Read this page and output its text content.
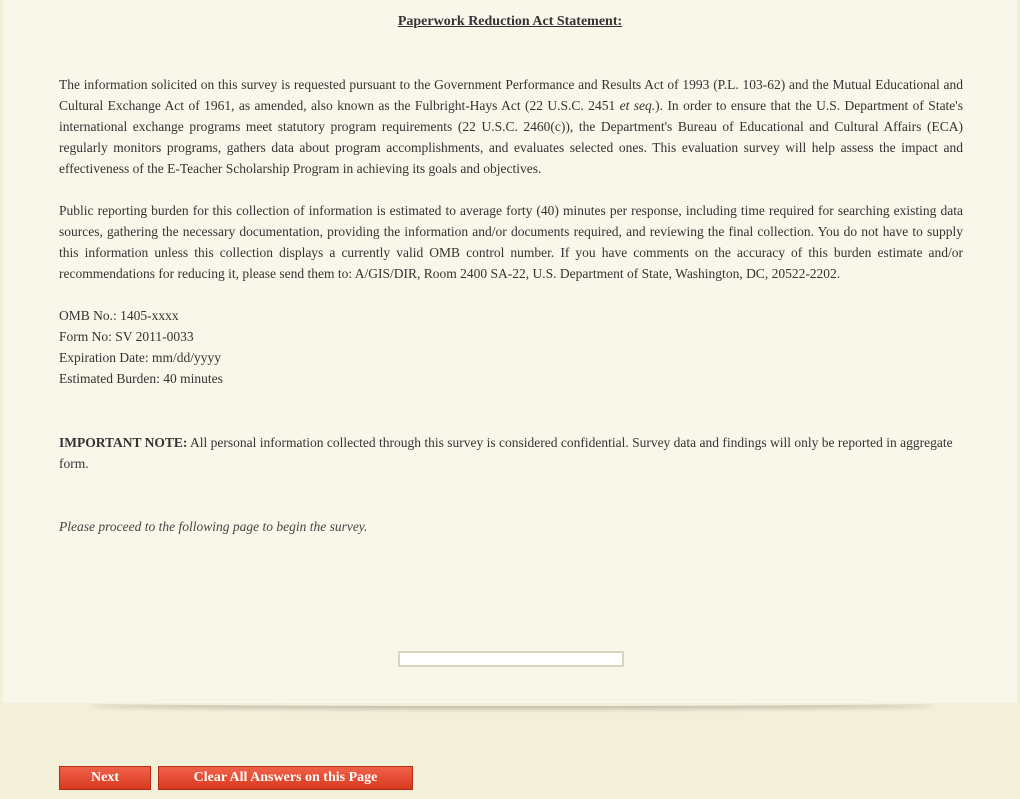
Paperwork Reduction Act Statement:

The information solicited on this survey is requested pursuant to the Government Performance and Results Act of 1993 (P.L. 103-62) and the Mutual Educational and Cultural Exchange Act of 1961, as amended, also known as the Fulbright-Hays Act (22 U.S.C. 2451 et seq.). In order to ensure that the U.S. Department of State's international exchange programs meet statutory program requirements (22 U.S.C. 2460(c)), the Department's Bureau of Educational and Cultural Affairs (ECA) regularly monitors programs, gathers data about program accomplishments, and evaluates selected ones. This evaluation survey will help assess the impact and effectiveness of the E-Teacher Scholarship Program in achieving its goals and objectives.

Public reporting burden for this collection of information is estimated to average forty (40) minutes per response, including time required for searching existing data sources, gathering the necessary documentation, providing the information and/or documents required, and reviewing the final collection. You do not have to supply this information unless this collection displays a currently valid OMB control number. If you have comments on the accuracy of this burden estimate and/or recommendations for reducing it, please send them to: A/GIS/DIR, Room 2400 SA-22, U.S. Department of State, Washington, DC, 20522-2202.

OMB No.: 1405-xxxx
Form No: SV 2011-0033
Expiration Date: mm/dd/yyyy
Estimated Burden: 40 minutes
IMPORTANT NOTE: All personal information collected through this survey is considered confidential. Survey data and findings will only be reported in aggregate form.
Please proceed to the following page to begin the survey.
Next	Clear All Answers on this Page
